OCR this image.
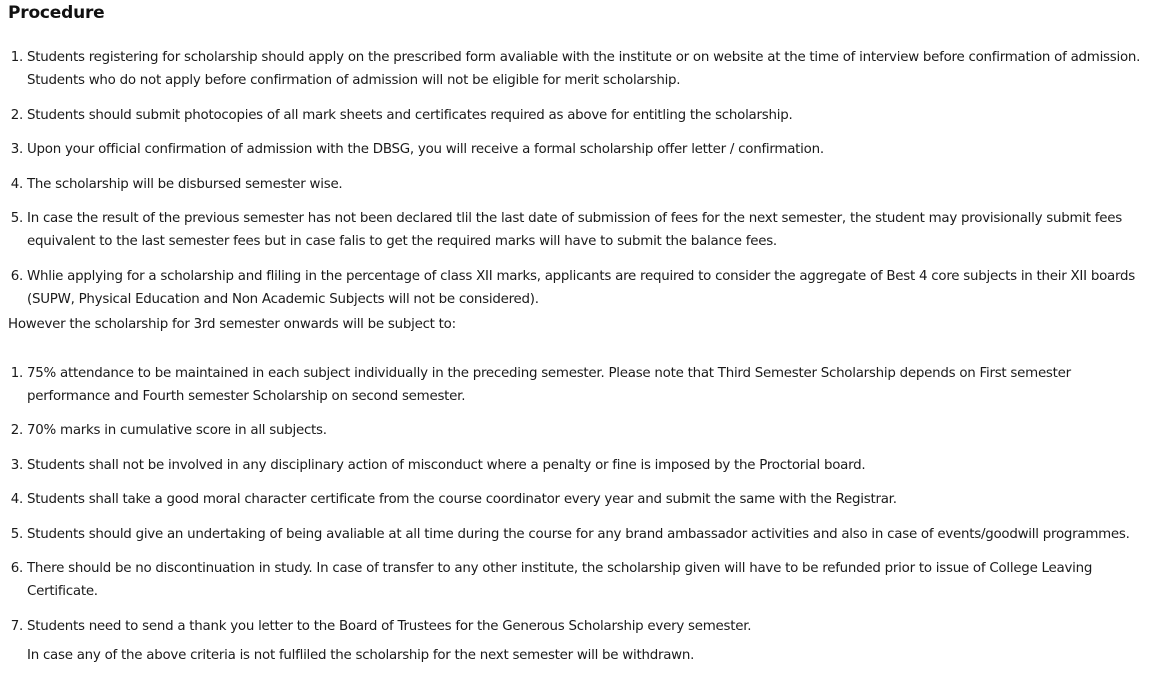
Procedure
1. Students registering for scholarship should apply on the prescribed form avaliable with the institute or on website at the time of interview before confirmation of admission. Students who do not apply before confirmation of admission will not be eligible for merit scholarship.
2. Students should submit photocopies of all mark sheets and certificates required as above for entitling the scholarship.
3. Upon your official confirmation of admission with the DBSG, you will receive a formal scholarship offer letter / confirmation.
4. The scholarship will be disbursed semester wise.
5. In case the result of the previous semester has not been declared tlil the last date of submission of fees for the next semester, the student may provisionally submit fees equivalent to the last semester fees but in case falis to get the required marks will have to submit the balance fees.
6. Whlie applying for a scholarship and fliling in the percentage of class XII marks, applicants are required to consider the aggregate of Best 4 core subjects in their XII boards (SUPW, Physical Education and Non Academic Subjects will not be considered).

However the scholarship for 3rd semester onwards will be subject to:

1. 75% attendance to be maintained in each subject individually in the preceding semester. Please note that Third Semester Scholarship depends on First semester performance and Fourth semester Scholarship on second semester.
2. 70% marks in cumulative score in all subjects.
3. Students shall not be involved in any disciplinary action of misconduct where a penalty or fine is imposed by the Proctorial board.
4. Students shall take a good moral character certificate from the course coordinator every year and submit the same with the Registrar.
5. Students should give an undertaking of being avaliable at all time during the course for any brand ambassador activities and also in case of events/goodwill programmes.
6. There should be no discontinuation in study. In case of transfer to any other institute, the scholarship given will have to be refunded prior to issue of College Leaving Certificate.
7. Students need to send a thank you letter to the Board of Trustees for the Generous Scholarship every semester.

In case any of the above criteria is not fulfliled the scholarship for the next semester will be withdrawn.
